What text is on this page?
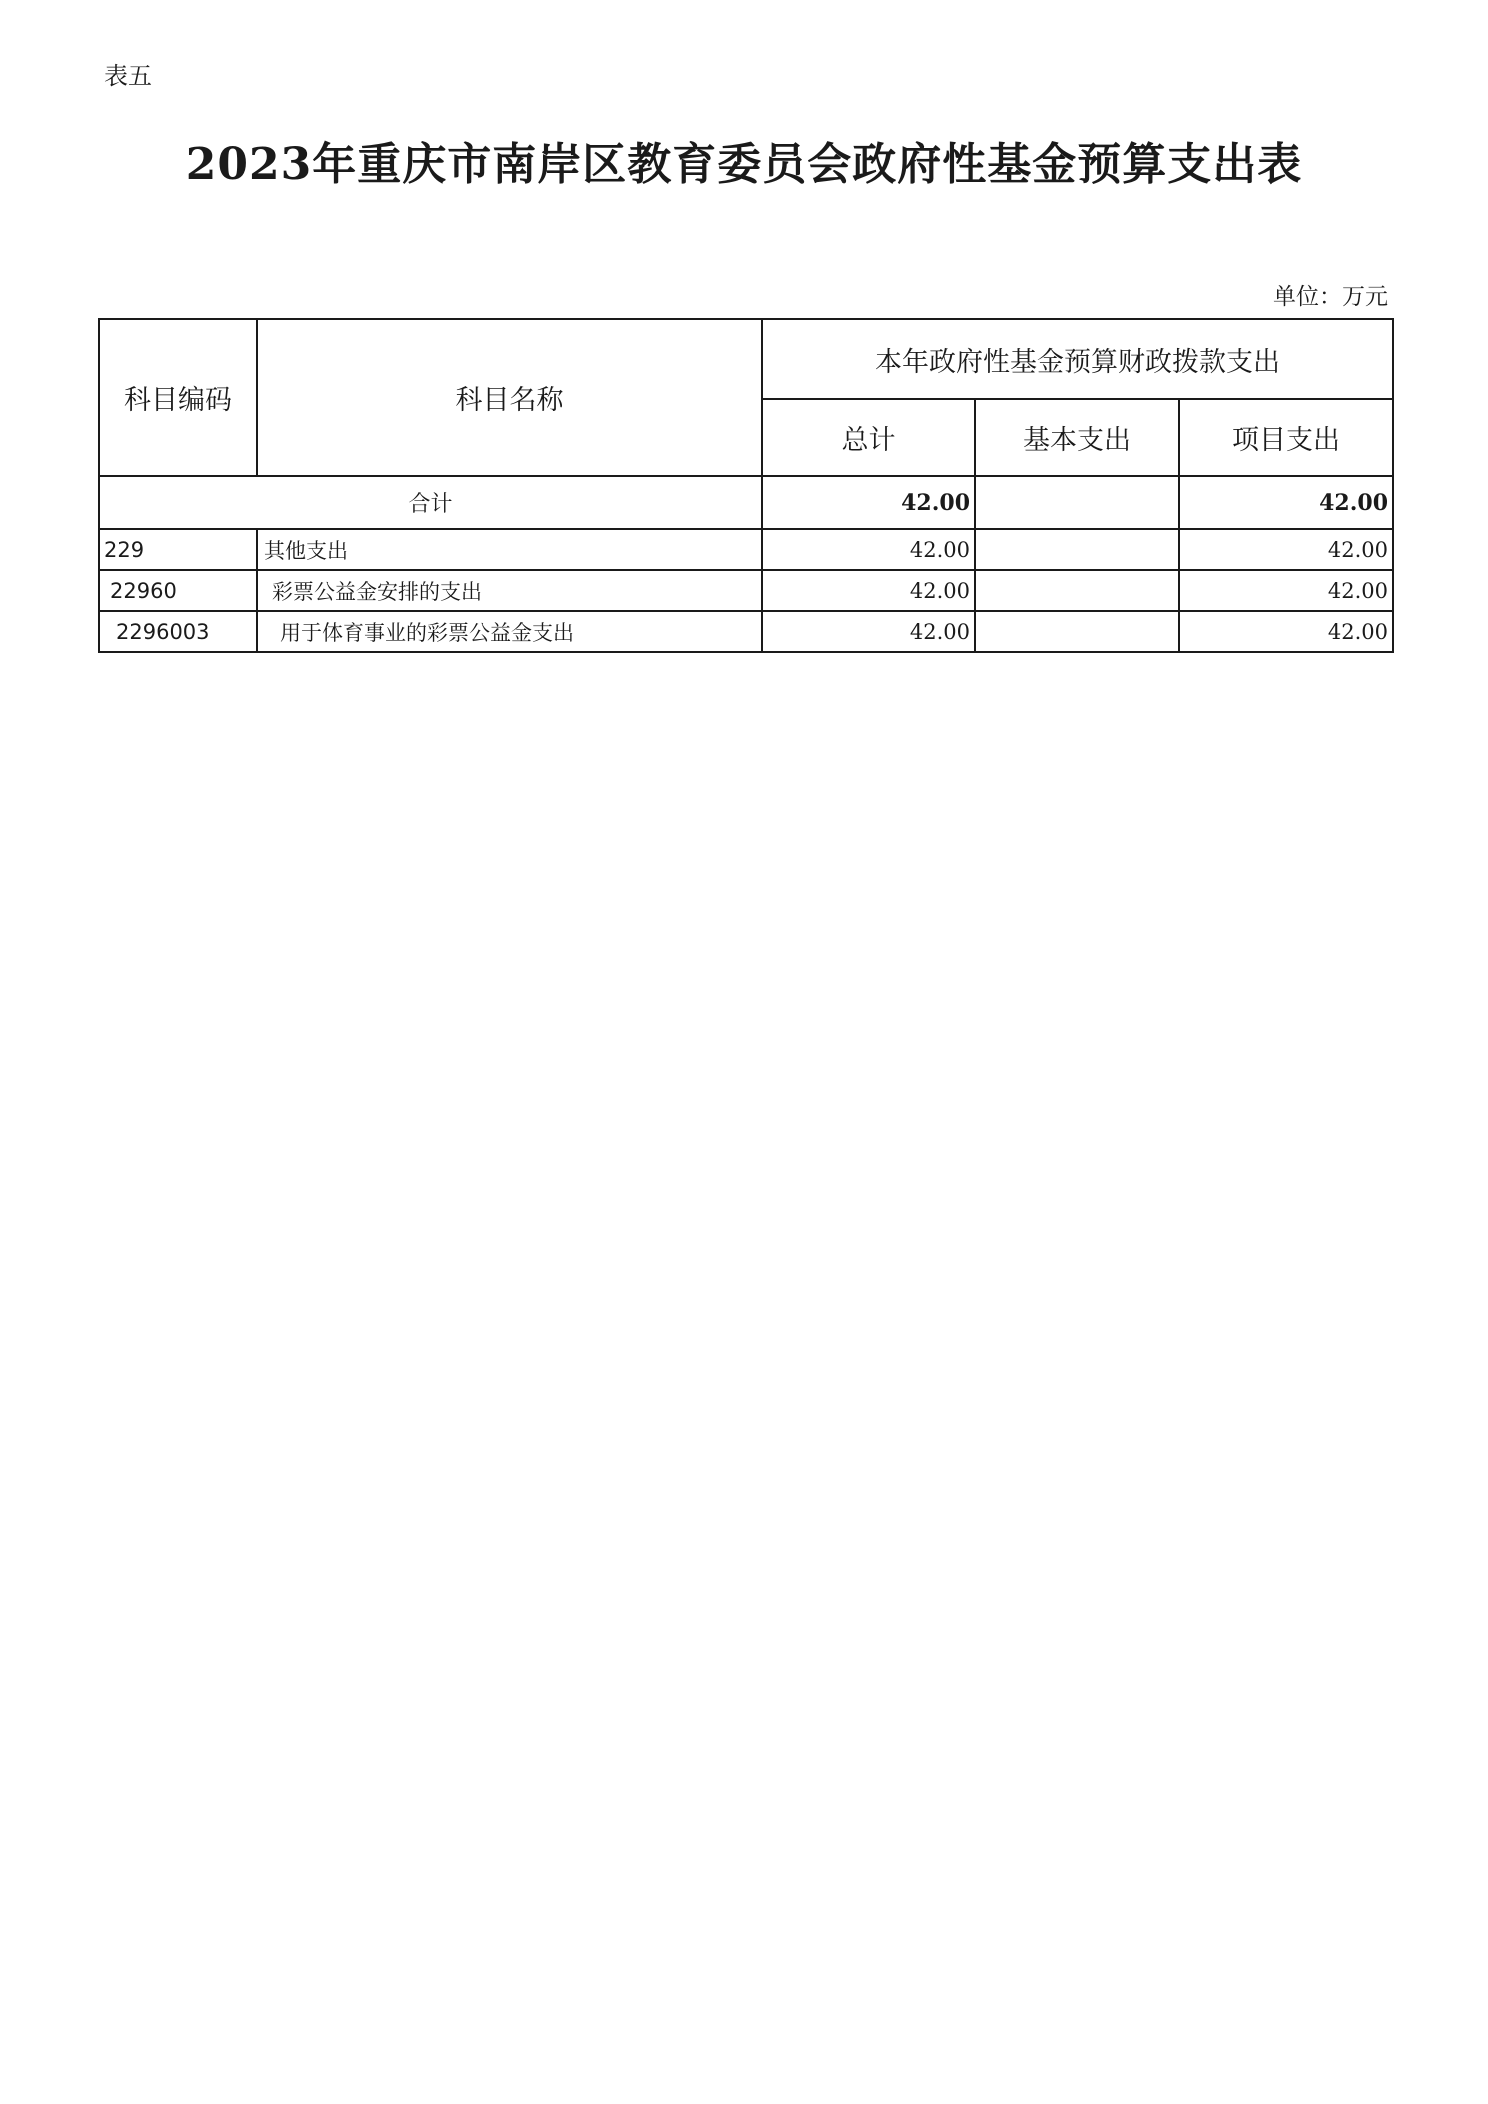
表五
2023年重庆市南岸区教育委员会政府性基金预算支出表
单位：万元
科目编码	科目名称	本年政府性基金预算财政拨款支出		
		总计	基本支出	项目支出
合计		42.00		42.00
229	其他支出	42.00		42.00
22960	彩票公益金安排的支出	42.00		42.00
2296003	用于体育事业的彩票公益金支出	42.00		42.00
